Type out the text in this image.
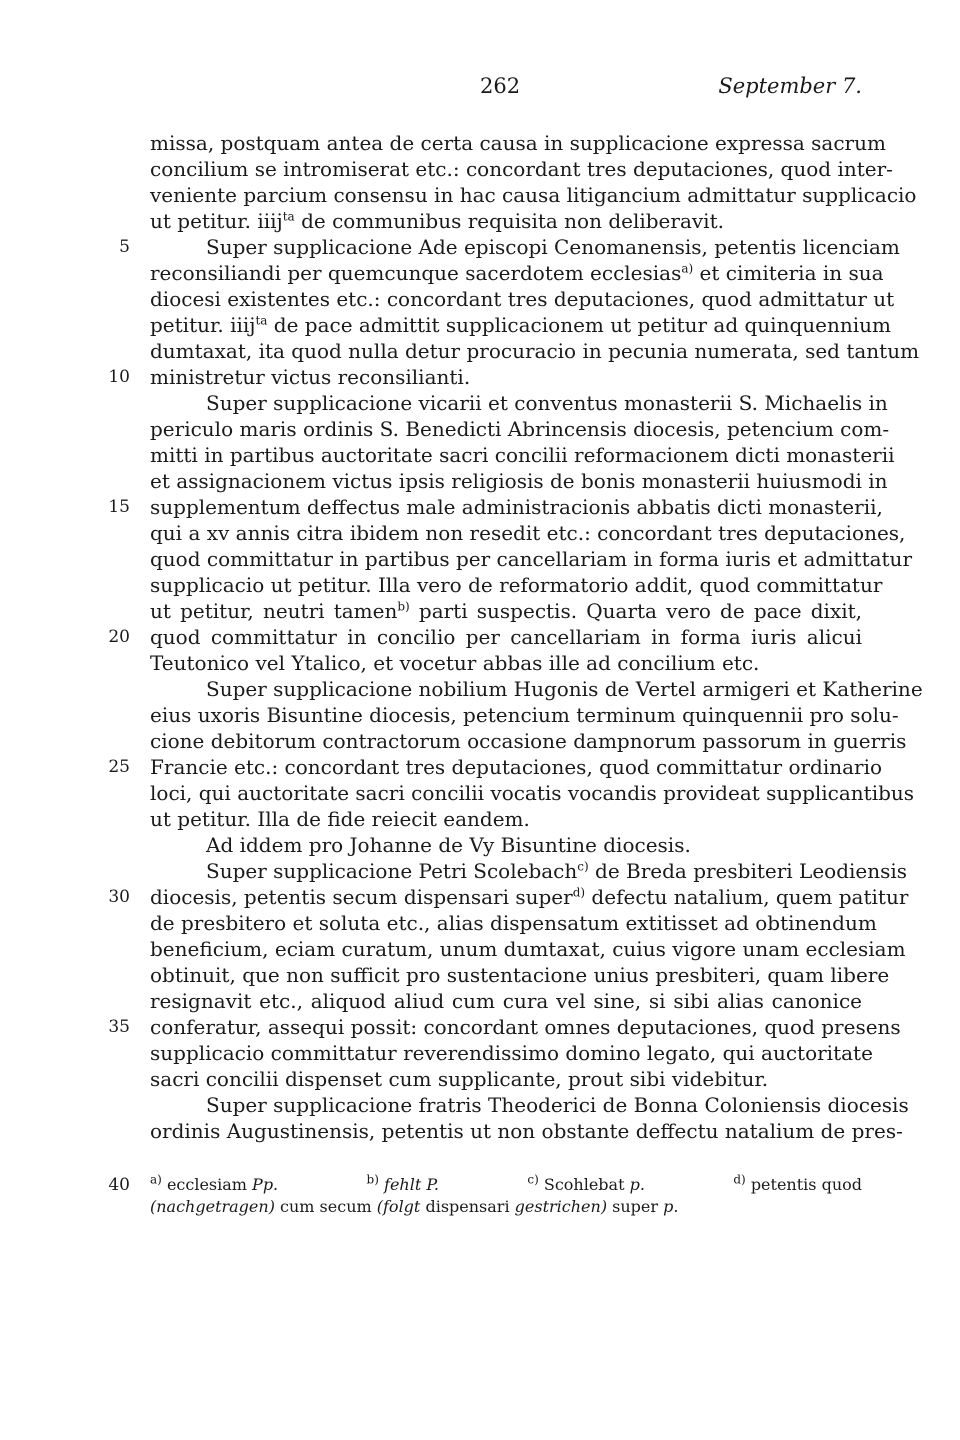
262	September 7.
missa, postquam antea de certa causa in supplicacione expressa sacrum
concilium se intromiserat etc.: concordant tres deputaciones, quod inter-
veniente parcium consensu in hac causa litigancium admittatur supplicacio
ut petitur. iiij$^{ta}$ de communibus requisita non deliberavit.
Super supplicacione Ade episcopi Cenomanensis, petentis licenciam
reconsiliandi per quemcunque sacerdotem ecclesias$^{a)}$ et cimiteria in sua
diocesi existentes etc.: concordant tres deputaciones, quod admittatur ut
petitur. iiij$^{ta}$ de pace admittit supplicacionem ut petitur ad quinquennium
dumtaxat, ita quod nulla detur procuracio in pecunia numerata, sed tantum
ministretur victus reconsilianti.
Super supplicacione vicarii et conventus monasterii S. Michaelis in
periculo maris ordinis S. Benedicti Abrincensis diocesis, petencium com-
mitti in partibus auctoritate sacri concilii reformacionem dicti monasterii
et assignacionem victus ipsis religiosis de bonis monasterii huiusmodi in
supplementum deffectus male administracionis abbatis dicti monasterii,
qui a xv annis citra ibidem non resedit etc.: concordant tres deputaciones,
quod committatur in partibus per cancellariam in forma iuris et admittatur
supplicacio ut petitur. Illa vero de reformatorio addit, quod committatur
ut petitur, neutri tamen$^{b)}$ parti suspectis. Quarta vero de pace dixit,
quod committatur in concilio per cancellariam in forma iuris alicui
Teutonico vel Ytalico, et vocetur abbas ille ad concilium etc.
Super supplicacione nobilium Hugonis de Vertel armigeri et Katherine
eius uxoris Bisuntine diocesis, petencium terminum quinquennii pro solu-
cione debitorum contractorum occasione dampnorum passorum in guerris
Francie etc.: concordant tres deputaciones, quod committatur ordinario
loci, qui auctoritate sacri concilii vocatis vocandis provideat supplicantibus
ut petitur. Illa de fide reiecit eandem.
Ad iddem pro Johanne de Vy Bisuntine diocesis.
Super supplicacione Petri Scolebach$^{c)}$ de Breda presbiteri Leodiensis
diocesis, petentis secum dispensari super$^{d)}$ defectu natalium, quem patitur
de presbitero et soluta etc., alias dispensatum extitisset ad obtinendum
beneficium, eciam curatum, unum dumtaxat, cuius vigore unam ecclesiam
obtinuit, que non sufficit pro sustentacione unius presbiteri, quam libere
resignavit etc., aliquod aliud cum cura vel sine, si sibi alias canonice
conferatur, assequi possit: concordant omnes deputaciones, quod presens
supplicacio committatur reverendissimo domino legato, qui auctoritate
sacri concilii dispenset cum supplicante, prout sibi videbitur.
Super supplicacione fratris Theoderici de Bonna Coloniensis diocesis
ordinis Augustinensis, petentis ut non obstante deffectu natalium de pres-
5
10
15
20
25
30
35
40 $^{a)}$ ecclesiam Pp.	$^{b)}$ fehlt P.	$^{c)}$ Scohlebat p.	$^{d)}$ petentis quod
(nachgetragen) cum secum (folgt dispensari gestrichen) super p.
